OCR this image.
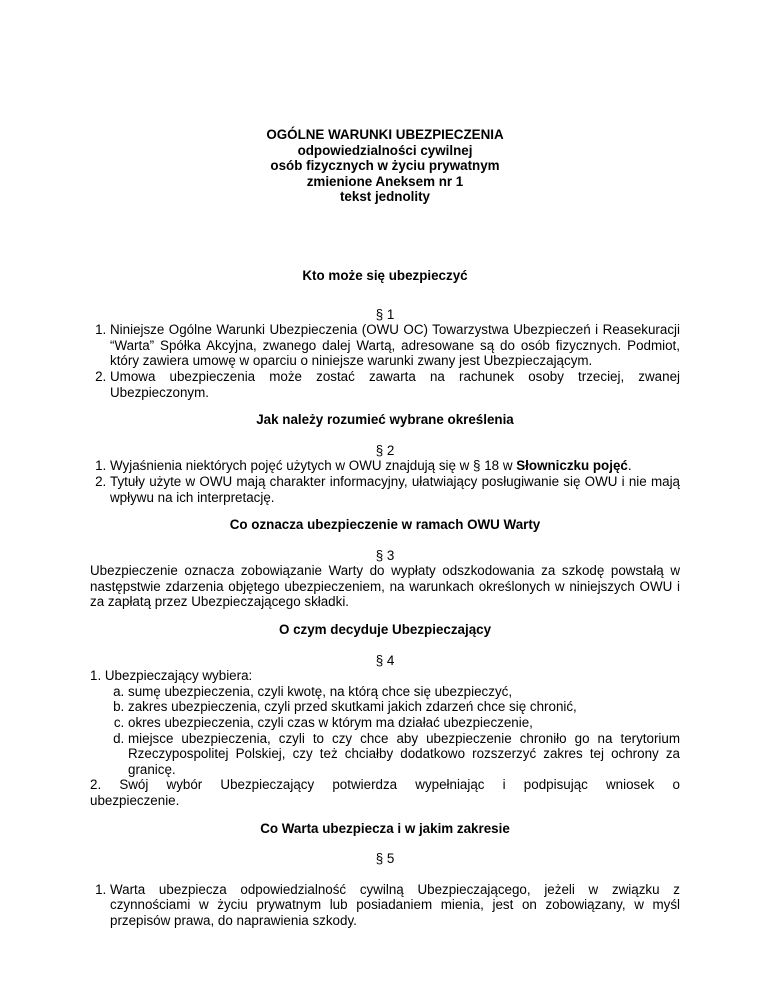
OGÓLNE WARUNKI UBEZPIECZENIA
odpowiedzialności cywilnej
osób fizycznych w życiu prywatnym
zmienione Aneksem nr 1
tekst jednolity
Kto może się ubezpieczyć
§ 1
1. Niniejsze Ogólne Warunki Ubezpieczenia (OWU OC) Towarzystwa Ubezpieczeń i Reasekuracji “Warta” Spółka Akcyjna, zwanego dalej Wartą, adresowane są do osób fizycznych. Podmiot, który zawiera umowę w oparciu o niniejsze warunki zwany jest Ubezpieczającym.
2. Umowa ubezpieczenia może zostać zawarta na rachunek osoby trzeciej, zwanej Ubezpieczonym.
Jak należy rozumieć wybrane określenia
§ 2
1. Wyjaśnienia niektórych pojęć użytych w OWU znajdują się w § 18 w Słowniczku pojęć.
2. Tytuły użyte w OWU mają charakter informacyjny, ułatwiający posługiwanie się OWU i nie mają wpływu na ich interpretację.
Co oznacza ubezpieczenie w ramach OWU Warty
§ 3

Ubezpieczenie oznacza zobowiązanie Warty do wypłaty odszkodowania za szkodę powstałą w następstwie zdarzenia objętego ubezpieczeniem, na warunkach określonych w niniejszych OWU i za zapłatą przez Ubezpieczającego składki.

O czym decyduje Ubezpieczający
§ 4

1. Ubezpieczający wybiera:

a. sumę ubezpieczenia, czyli kwotę, na którą chce się ubezpieczyć,
b. zakres ubezpieczenia, czyli przed skutkami jakich zdarzeń chce się chronić,
c. okres ubezpieczenia, czyli czas w którym ma działać ubezpieczenie,
d. miejsce ubezpieczenia, czyli to czy chce aby ubezpieczenie chroniło go na terytorium Rzeczypospolitej Polskiej, czy też chciałby dodatkowo rozszerzyć zakres tej ochrony za granicę.

2. Swój wybór Ubezpieczający potwierdza wypełniając i podpisując wniosek o ubezpieczenie.

Co Warta ubezpiecza i w jakim zakresie
§ 5
1. Warta ubezpiecza odpowiedzialność cywilną Ubezpieczającego, jeżeli w związku z czynnościami w życiu prywatnym lub posiadaniem mienia, jest on zobowiązany, w myśl przepisów prawa, do naprawienia szkody.
